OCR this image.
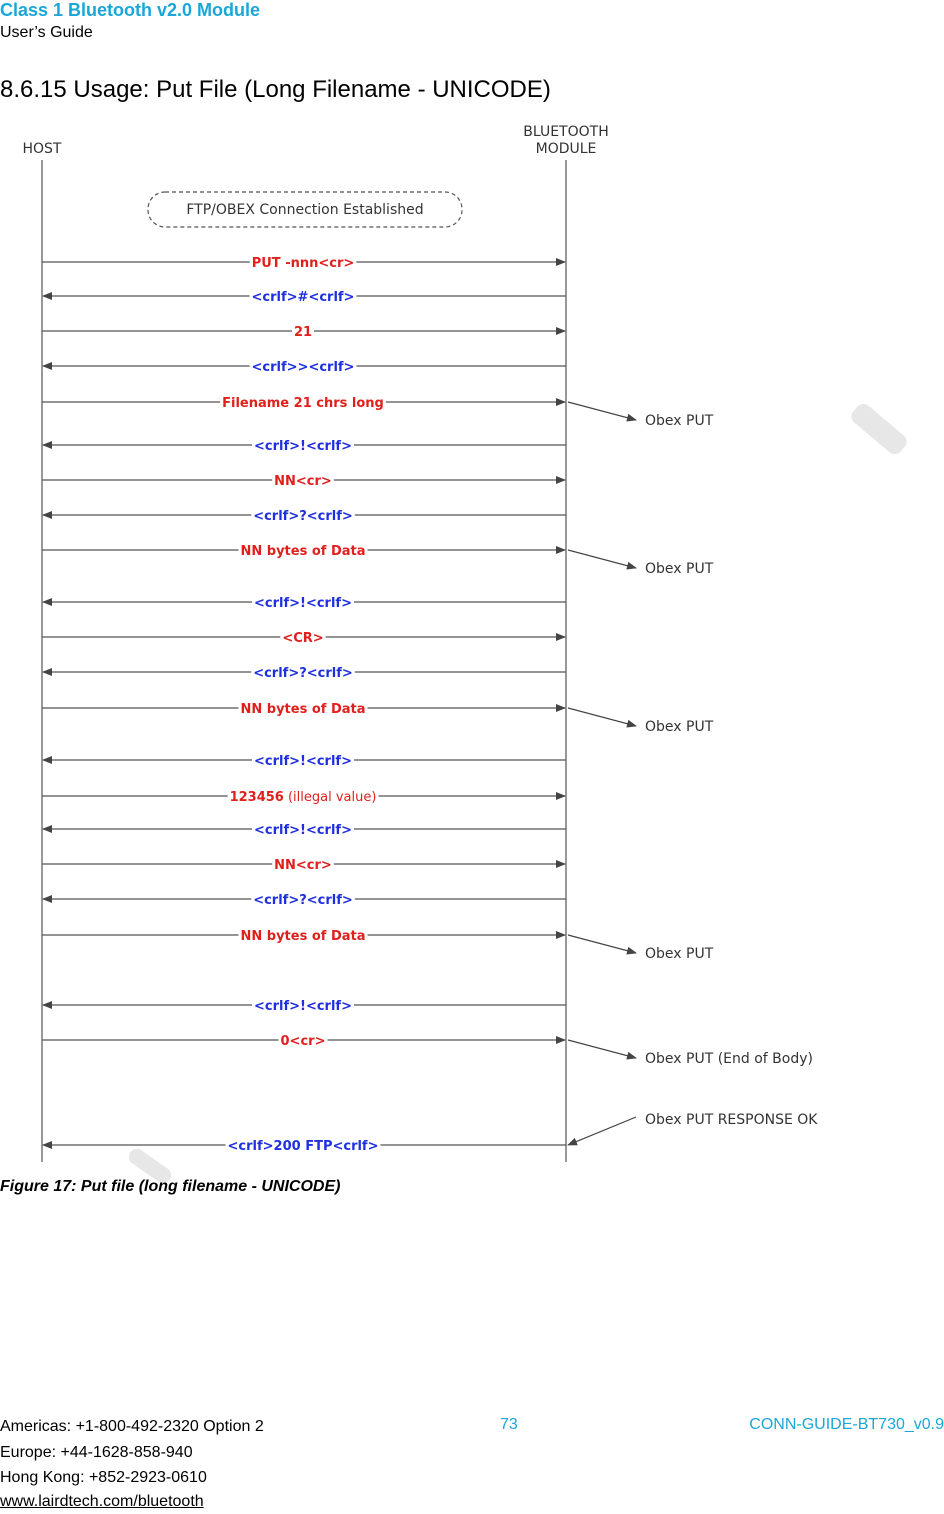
Class 1 Bluetooth v2.0 Module
User’s Guide
8.6.15 Usage: Put File (Long Filename - UNICODE)
HOST
BLUETOOTH
MODULE
FTP/OBEX Connection Established
PUT -nnn<cr>
<crlf>#<crlf>
21
<crlf>><crlf>
Filename 21 chrs long
Obex PUT
<crlf>!<crlf>
NN<cr>
<crlf>?<crlf>
NN bytes of Data
Obex PUT
<crlf>!<crlf>
<CR>
<crlf>?<crlf>
NN bytes of Data
Obex PUT
<crlf>!<crlf>
123456 (illegal value)
<crlf>!<crlf>
NN<cr>
<crlf>?<crlf>
NN bytes of Data
Obex PUT
<crlf>!<crlf>
0<cr>
Obex PUT (End of Body)
<crlf>200 FTP<crlf>
Obex PUT RESPONSE OK
Figure 17: Put file (long filename - UNICODE)
Americas: +1-800-492-2320 Option 2
Europe: +44-1628-858-940
Hong Kong: +852-2923-0610
www.lairdtech.com/bluetooth
73	CONN-GUIDE-BT730_v0.9
